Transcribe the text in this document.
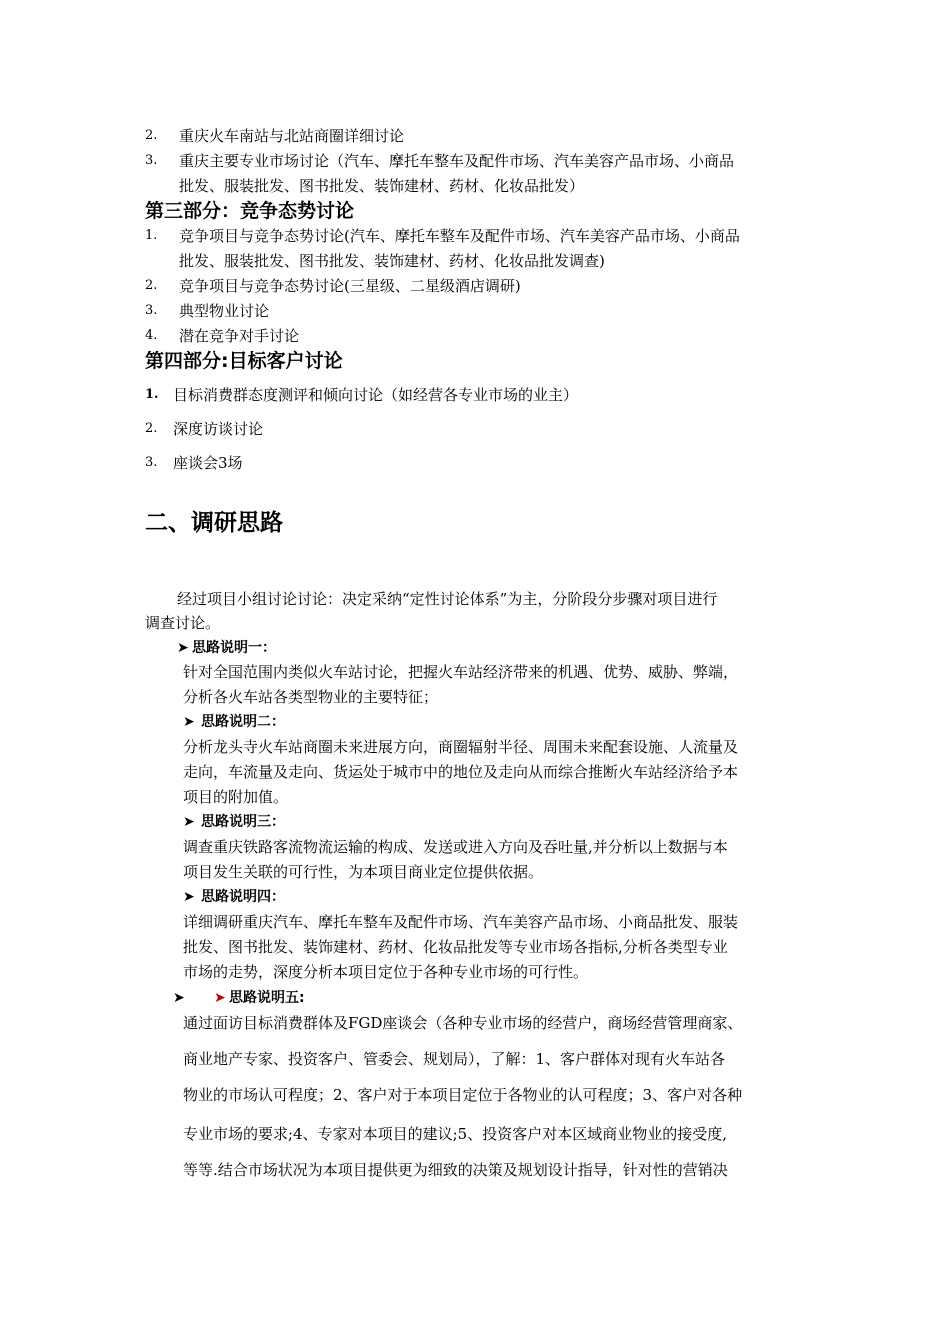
2. 重庆火车南站与北站商圈详细讨论
3. 重庆主要专业市场讨论（汽车、摩托车整车及配件市场、汽车美容产品市场、小商品
批发、服装批发、图书批发、装饰建材、药材、化妆品批发）
第三部分：竞争态势讨论
1. 竞争项目与竞争态势讨论(汽车、摩托车整车及配件市场、汽车美容产品市场、小商品
批发、服装批发、图书批发、装饰建材、药材、化妆品批发调查)
2. 竞争项目与竞争态势讨论(三星级、二星级酒店调研)
3. 典型物业讨论
4. 潜在竞争对手讨论
第四部分:目标客户讨论
1. 目标消费群态度测评和倾向讨论（如经营各专业市场的业主）
2. 深度访谈讨论
3. 座谈会3场
二、调研思路
经过项目小组讨论讨论：决定采纳“定性讨论体系”为主，分阶段分步骤对项目进行
调查讨论。
➤ 思路说明一：
针对全国范围内类似火车站讨论，把握火车站经济带来的机遇、优势、威胁、弊端，
分析各火车站各类型物业的主要特征；
➤ 思路说明二：
分析龙头寺火车站商圈未来进展方向，商圈辐射半径、周围未来配套设施、人流量及
走向，车流量及走向、货运处于城市中的地位及走向从而综合推断火车站经济给予本
项目的附加值。
➤ 思路说明三：
调查重庆铁路客流物流运输的构成、发送或进入方向及吞吐量,并分析以上数据与本
项目发生关联的可行性，为本项目商业定位提供依据。
➤ 思路说明四：
详细调研重庆汽车、摩托车整车及配件市场、汽车美容产品市场、小商品批发、服装
批发、图书批发、装饰建材、药材、化妆品批发等专业市场各指标,分析各类型专业
市场的走势，深度分析本项目定位于各种专业市场的可行性。
➤ ➤ 思路说明五:
通过面访目标消费群体及FGD座谈会（各种专业市场的经营户，商场经营管理商家、
商业地产专家、投资客户、管委会、规划局），了解：1、客户群体对现有火车站各
物业的市场认可程度；2、客户对于本项目定位于各物业的认可程度；3、客户对各种
专业市场的要求;4、专家对本项目的建议;5、投资客户对本区域商业物业的接受度,
等等.结合市场状况为本项目提供更为细致的决策及规划设计指导，针对性的营销决
